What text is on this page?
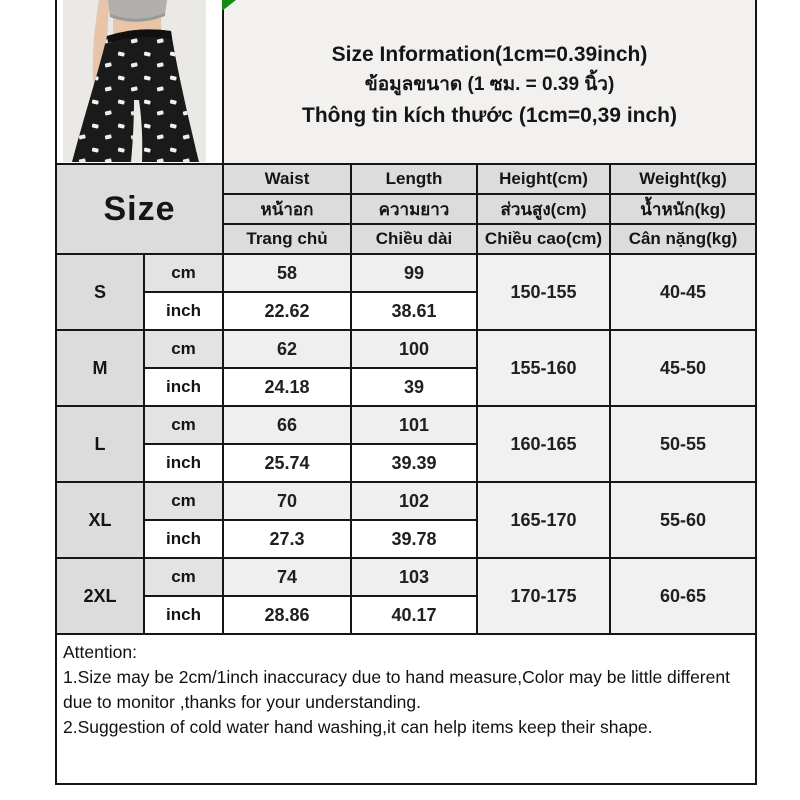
Size Information(1cm=0.39inch)
ข้อมูลขนาด (1 ซม. = 0.39 นิ้ว)
Thông tin kích thước (1cm=0,39 inch)			

Size		Waist	Length	Height(cm)	Weight(kg)
		หน้าอก	ความยาว	ส่วนสูง(cm)	น้ำหนัก(kg)
		Trang chủ	Chiều dài	Chiều cao(cm)	Cân nặng(kg)
S	cm	58	99	150-155	40-45
	inch	22.62	38.61		
M	cm	62	100	155-160	45-50
	inch	24.18	39		
L	cm	66	101	160-165	50-55
	inch	25.74	39.39		
XL	cm	70	102	165-170	55-60
	inch	27.3	39.78		
2XL	cm	74	103	170-175	60-65
	inch	28.86	40.17		

Attention:
1.Size may be 2cm/1inch inaccuracy due to hand measure,Color may be little different due to monitor ,thanks for your understanding.
2.Suggestion of cold water hand washing,it can help items keep their shape.					
